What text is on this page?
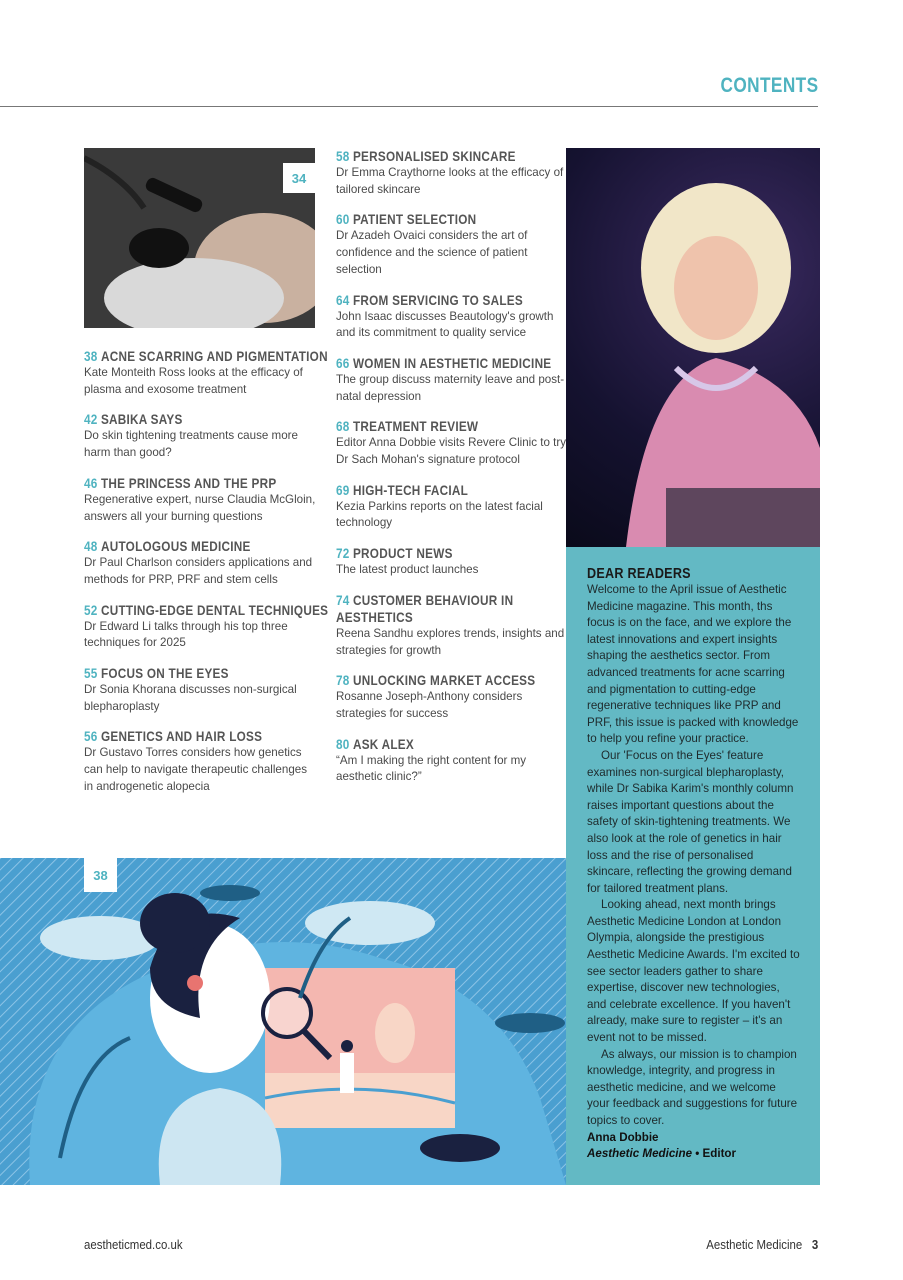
CONTENTS
34
38 ACNE SCARRING AND PIGMENTATION
Kate Monteith Ross looks at the efficacy of plasma and exosome treatment
42 SABIKA SAYS
Do skin tightening treatments cause more harm than good?
46 THE PRINCESS AND THE PRP
Regenerative expert, nurse Claudia McGloin, answers all your burning questions
48 AUTOLOGOUS MEDICINE
Dr Paul Charlson considers applications and methods for PRP, PRF and stem cells
52 CUTTING-EDGE DENTAL TECHNIQUES
Dr Edward Li talks through his top three techniques for 2025
55 FOCUS ON THE EYES
Dr Sonia Khorana discusses non-surgical blepharoplasty
56 GENETICS AND HAIR LOSS
Dr Gustavo Torres considers how genetics can help to navigate therapeutic challenges in androgenetic alopecia
58 PERSONALISED SKINCARE
Dr Emma Craythorne looks at the efficacy of tailored skincare
60 PATIENT SELECTION
Dr Azadeh Ovaici considers the art of confidence and the science of patient selection
64 FROM SERVICING TO SALES
John Isaac discusses Beautology's growth and its commitment to quality service
66 WOMEN IN AESTHETIC MEDICINE
The group discuss maternity leave and post-natal depression
68 TREATMENT REVIEW
Editor Anna Dobbie visits Revere Clinic to try Dr Sach Mohan's signature protocol
69 HIGH-TECH FACIAL
Kezia Parkins reports on the latest facial technology
72 PRODUCT NEWS
The latest product launches
74 CUSTOMER BEHAVIOUR IN AESTHETICS
Reena Sandhu explores trends, insights and strategies for growth
78 UNLOCKING MARKET ACCESS
Rosanne Joseph-Anthony considers strategies for success
80 ASK ALEX
“Am I making the right content for my aesthetic clinic?”
DEAR READERS

Welcome to the April issue of Aesthetic Medicine magazine. This month, ths focus is on the face, and we explore the latest innovations and expert insights shaping the aesthetics sector. From advanced treatments for acne scarring and pigmentation to cutting-edge regenerative techniques like PRP and PRF, this issue is packed with knowledge to help you refine your practice.

Our 'Focus on the Eyes' feature examines non-surgical blepharoplasty, while Dr Sabika Karim's monthly column raises important questions about the safety of skin-tightening treatments. We also look at the role of genetics in hair loss and the rise of personalised skincare, reflecting the growing demand for tailored treatment plans.

Looking ahead, next month brings Aesthetic Medicine London at London Olympia, alongside the prestigious Aesthetic Medicine Awards. I'm excited to see sector leaders gather to share expertise, discover new technologies, and celebrate excellence. If you haven't already, make sure to register – it's an event not to be missed.

As always, our mission is to champion knowledge, integrity, and progress in aesthetic medicine, and we welcome your feedback and suggestions for future topics to cover.

Anna Dobbie
Aesthetic Medicine • Editor
38
aestheticmed.co.uk	Aesthetic Medicine 3
